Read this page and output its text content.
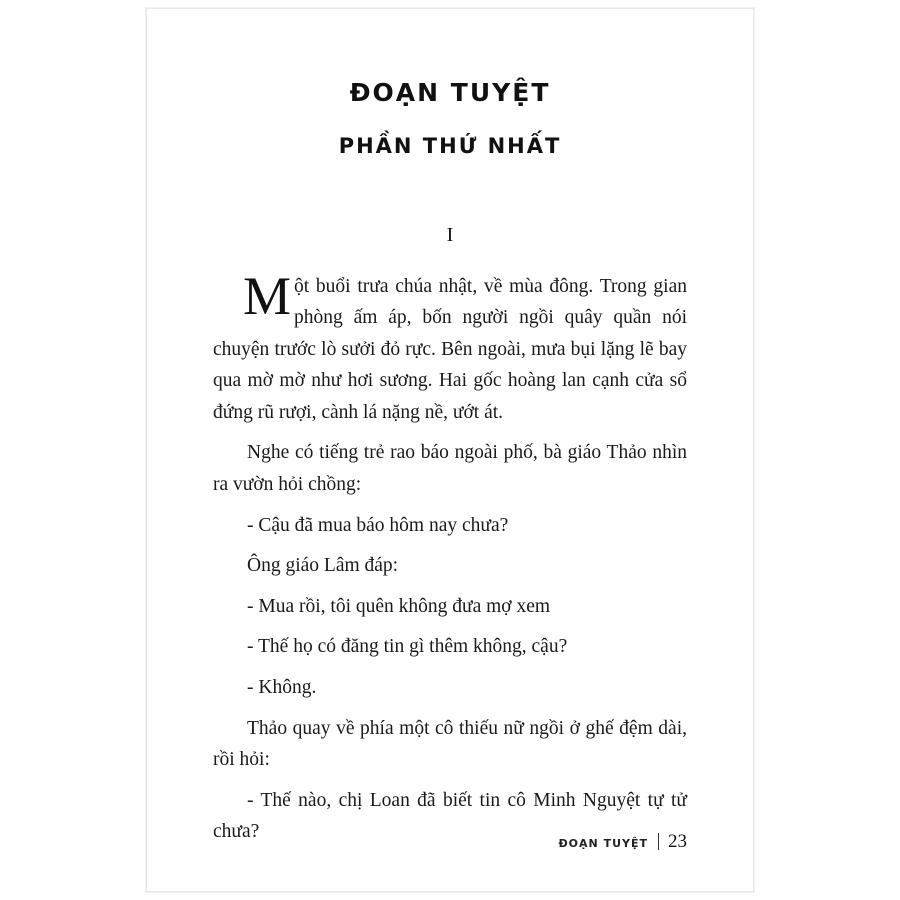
ĐOẠN TUYỆT
PHẦN THỨ NHẤT
I

Một buổi trưa chúa nhật, về mùa đông. Trong gian phòng ấm áp, bốn người ngồi quây quần nói chuyện trước lò sưởi đỏ rực. Bên ngoài, mưa bụi lặng lẽ bay qua mờ mờ như hơi sương. Hai gốc hoàng lan cạnh cửa sổ đứng rũ rượi, cành lá nặng nề, ướt át.

Nghe có tiếng trẻ rao báo ngoài phố, bà giáo Thảo nhìn ra vườn hỏi chồng:

- Cậu đã mua báo hôm nay chưa?

Ông giáo Lâm đáp:

- Mua rồi, tôi quên không đưa mợ xem

- Thế họ có đăng tin gì thêm không, cậu?

- Không.

Thảo quay về phía một cô thiếu nữ ngồi ở ghế đệm dài, rồi hỏi:

- Thế nào, chị Loan đã biết tin cô Minh Nguyệt tự tử chưa?

ĐOẠN TUYỆT 23
